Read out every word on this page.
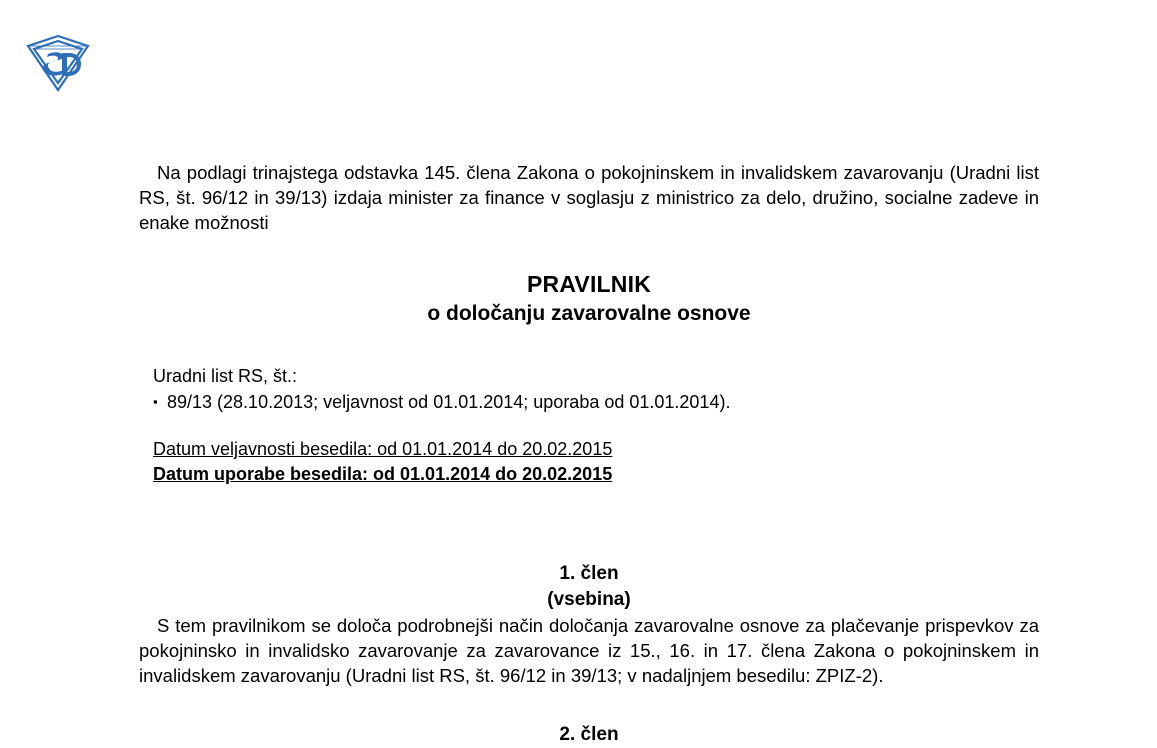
Na podlagi trinajstega odstavka 145. člena Zakona o pokojninskem in invalidskem zavarovanju (Uradni list RS, št. 96/12 in 39/13) izdaja minister za finance v soglasju z ministrico za delo, družino, socialne zadeve in enake možnosti

PRAVILNIK
o določanju zavarovalne osnove

Uradni list RS, št.:

▪ 89/13 (28.10.2013; veljavnost od 01.01.2014; uporaba od 01.01.2014).

Datum veljavnosti besedila: od 01.01.2014 do 20.02.2015
Datum uporabe besedila: od 01.01.2014 do 20.02.2015
1. člen
(vsebina)

S tem pravilnikom se določa podrobnejši način določanja zavarovalne osnove za plačevanje prispevkov za pokojninsko in invalidsko zavarovanje za zavarovance iz 15., 16. in 17. člena Zakona o pokojninskem in invalidskem zavarovanju (Uradni list RS, št. 96/12 in 39/13; v nadaljnjem besedilu: ZPIZ-2).

2. člen
